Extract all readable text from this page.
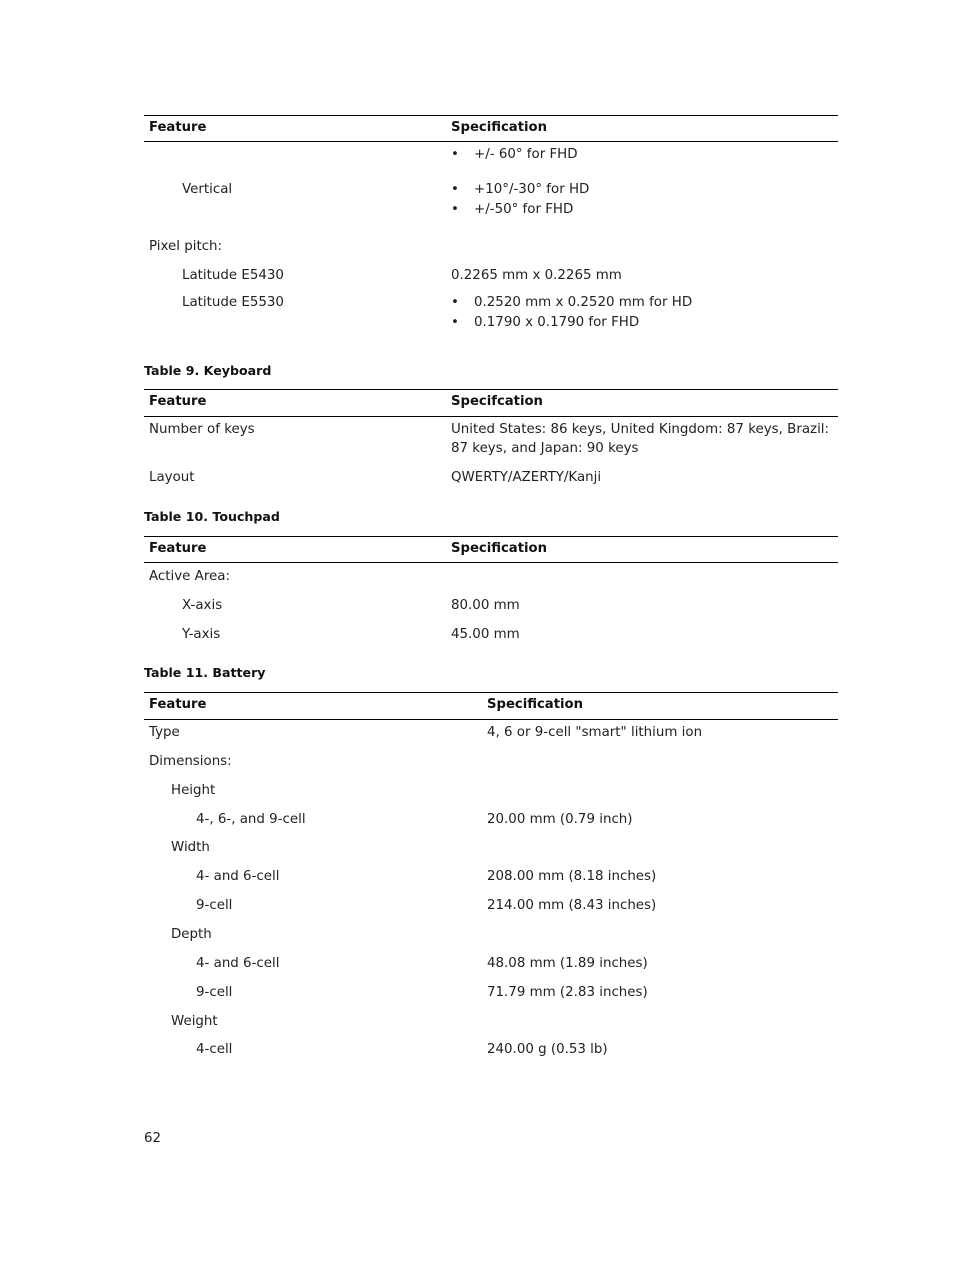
Feature	Specification
• +/- 60° for FHD
Vertical	• +10°/-30° for HD
• +/-50° for FHD
Pixel pitch:
Latitude E5430	0.2265 mm x 0.2265 mm
Latitude E5530	• 0.2520 mm x 0.2520 mm for HD
• 0.1790 x 0.1790 for FHD
Table 9. Keyboard
Feature	Specifcation
Number of keys	United States: 86 keys, United Kingdom: 87 keys, Brazil: 87 keys, and Japan: 90 keys
Layout	QWERTY/AZERTY/Kanji
Table 10. Touchpad
Feature	Specification
Active Area:
X-axis	80.00 mm
Y-axis	45.00 mm
Table 11. Battery
Feature	Specification
Type	4, 6 or 9-cell "smart" lithium ion
Dimensions:
Height
4-, 6-, and 9-cell	20.00 mm (0.79 inch)
Width
4- and 6-cell	208.00 mm (8.18 inches)
9-cell	214.00 mm (8.43 inches)
Depth
4- and 6-cell	48.08 mm (1.89 inches)
9-cell	71.79 mm (2.83 inches)
Weight
4-cell	240.00 g (0.53 lb)
62
